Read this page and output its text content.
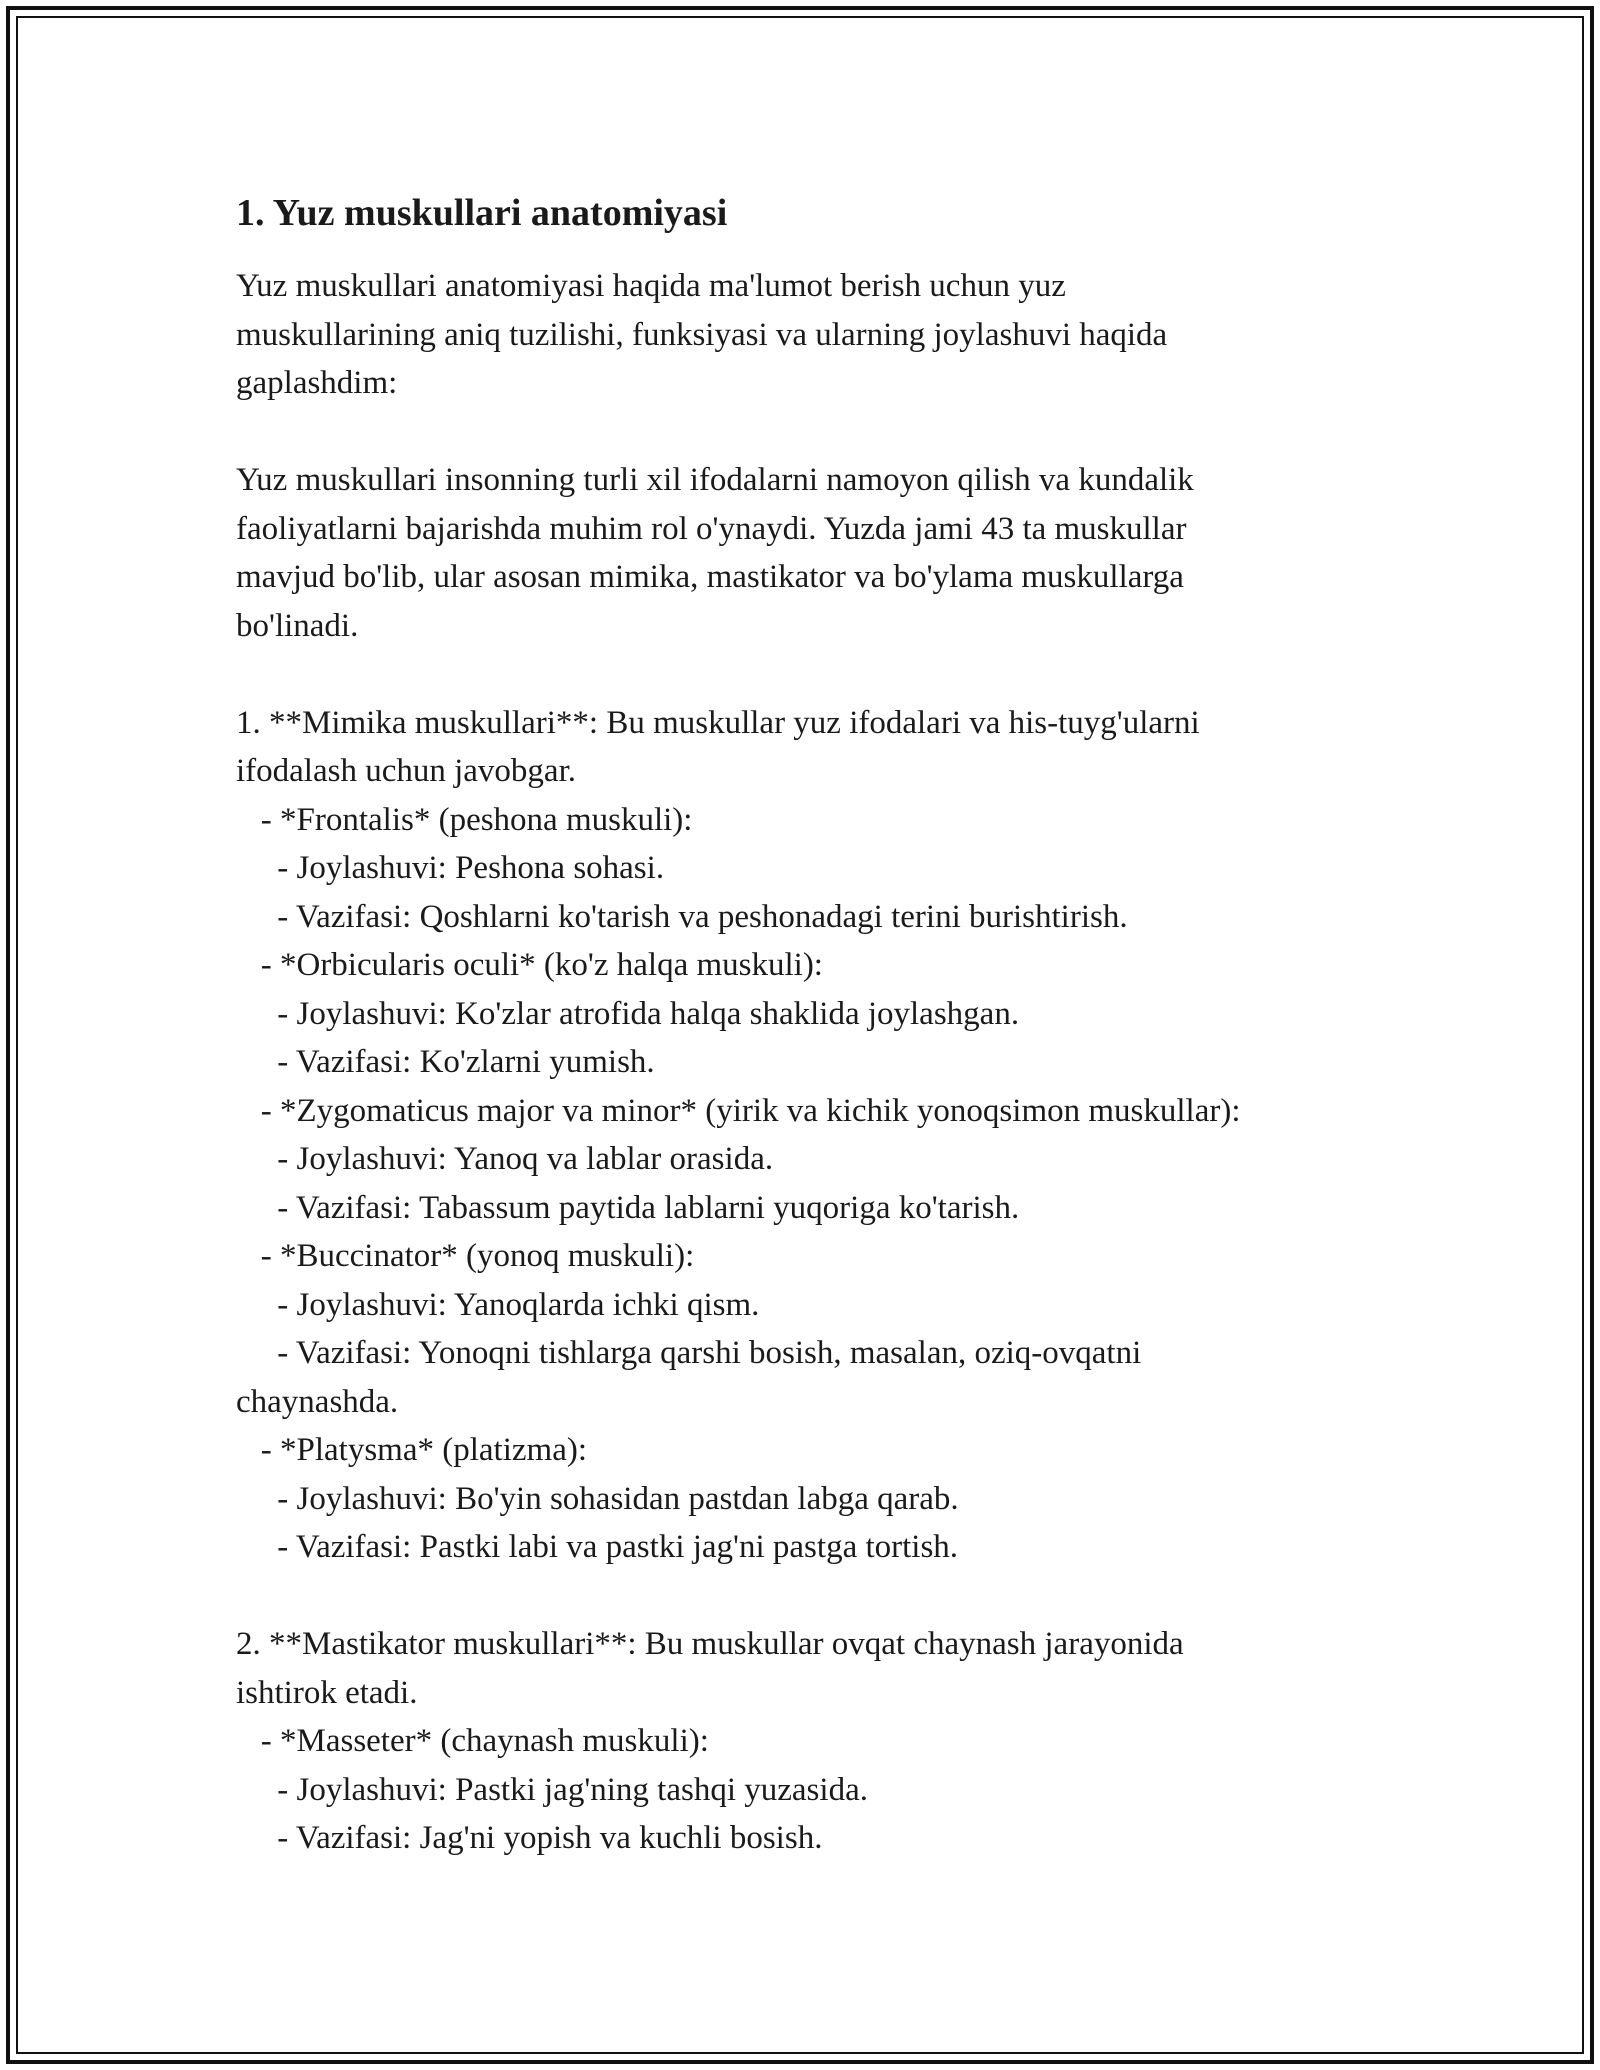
1. Yuz muskullari anatomiyasi
Yuz muskullari anatomiyasi haqida ma'lumot berish uchun yuz
muskullarining aniq tuzilishi, funksiyasi va ularning joylashuvi haqida
gaplashdim:
Yuz muskullari insonning turli xil ifodalarni namoyon qilish va kundalik
faoliyatlarni bajarishda muhim rol o'ynaydi. Yuzda jami 43 ta muskullar
mavjud bo'lib, ular asosan mimika, mastikator va bo'ylama muskullarga
bo'linadi.
1. **Mimika muskullari**: Bu muskullar yuz ifodalari va his-tuyg'ularni
ifodalash uchun javobgar.
- *Frontalis* (peshona muskuli):
- Joylashuvi: Peshona sohasi.
- Vazifasi: Qoshlarni ko'tarish va peshonadagi terini burishtirish.
- *Orbicularis oculi* (ko'z halqa muskuli):
- Joylashuvi: Ko'zlar atrofida halqa shaklida joylashgan.
- Vazifasi: Ko'zlarni yumish.
- *Zygomaticus major va minor* (yirik va kichik yonoqsimon muskullar):
- Joylashuvi: Yanoq va lablar orasida.
- Vazifasi: Tabassum paytida lablarni yuqoriga ko'tarish.
- *Buccinator* (yonoq muskuli):
- Joylashuvi: Yanoqlarda ichki qism.
- Vazifasi: Yonoqni tishlarga qarshi bosish, masalan, oziq-ovqatni
chaynashda.
- *Platysma* (platizma):
- Joylashuvi: Bo'yin sohasidan pastdan labga qarab.
- Vazifasi: Pastki labi va pastki jag'ni pastga tortish.
2. **Mastikator muskullari**: Bu muskullar ovqat chaynash jarayonida
ishtirok etadi.
- *Masseter* (chaynash muskuli):
- Joylashuvi: Pastki jag'ning tashqi yuzasida.
- Vazifasi: Jag'ni yopish va kuchli bosish.
